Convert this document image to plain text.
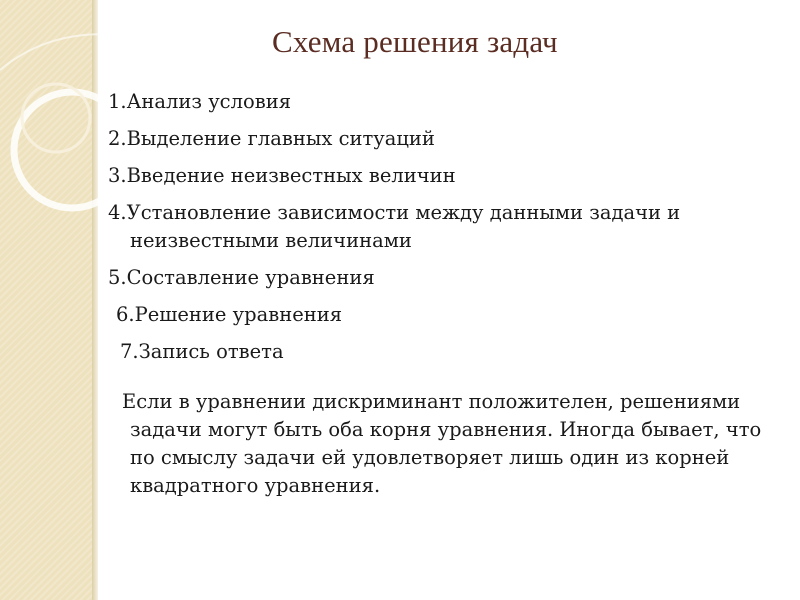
Схема решения задач
1.Анализ условия
2.Выделение главных ситуаций
3.Введение неизвестных величин
4.Установление зависимости между данными задачи и неизвестными величинами
5.Составление уравнения
6.Решение уравнения
7.Запись ответа
Если в уравнении дискриминант положителен, решениями задачи могут быть оба корня уравнения. Иногда бывает, что по смыслу задачи ей удовлетворяет лишь один из корней квадратного уравнения.
